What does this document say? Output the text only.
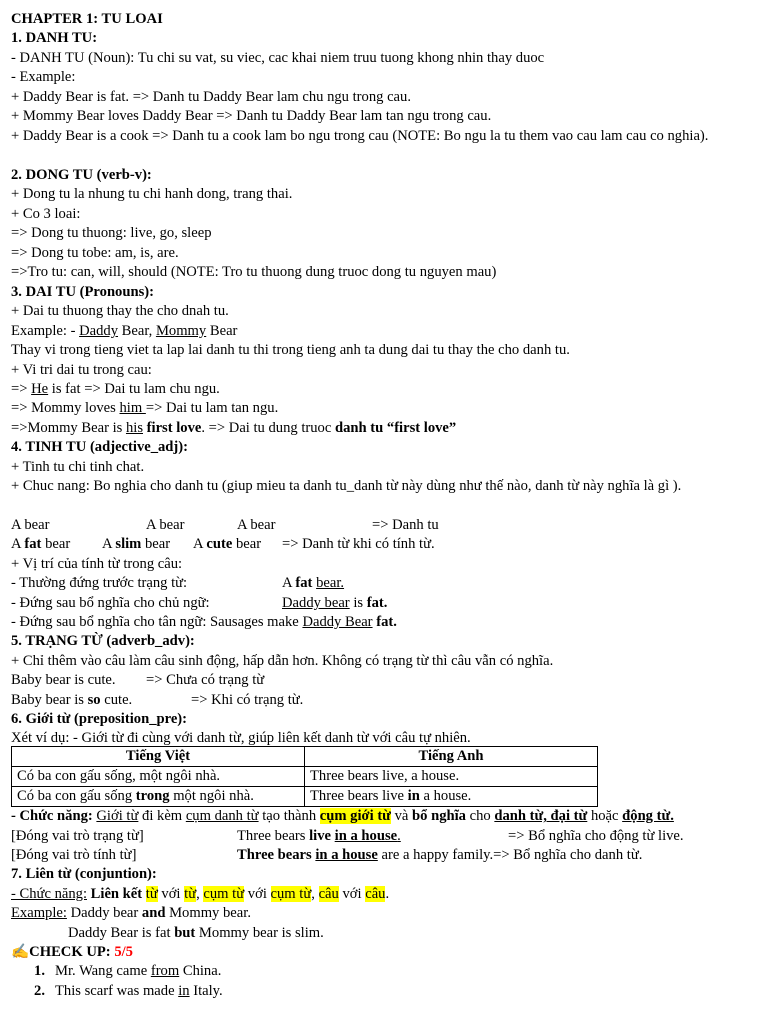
CHAPTER 1: TU LOAI
1. DANH TU:
- DANH TU (Noun): Tu chi su vat, su viec, cac khai niem truu tuong khong nhin thay duoc
- Example:
+ Daddy Bear is fat. => Danh tu Daddy Bear lam chu ngu trong cau.
+ Mommy Bear loves Daddy Bear => Danh tu Daddy Bear lam tan ngu trong cau.
+ Daddy Bear is a cook => Danh tu a cook lam bo ngu trong cau (NOTE: Bo ngu la tu them vao cau lam cau co nghia).
2. DONG TU (verb-v):
+ Dong tu la nhung tu chi hanh dong, trang thai.
+ Co 3 loai:
=> Dong tu thuong: live, go, sleep
=> Dong tu tobe: am, is, are.
=>Tro tu: can, will, should (NOTE: Tro tu thuong dung truoc dong tu nguyen mau)
3. DAI TU (Pronouns):
+ Dai tu thuong thay the cho dnah tu.
Example: - Daddy Bear, Mommy Bear
Thay vi trong tieng viet ta lap lai danh tu thi trong tieng anh ta dung dai tu thay the cho danh tu.
+ Vi tri dai tu trong cau:
=> He is fat => Dai tu lam chu ngu.
=> Mommy loves him => Dai tu lam tan ngu.
=>Mommy Bear is his first love. => Dai tu dung truoc danh tu “first love”
4. TINH TU (adjective_adj):
+ Tinh tu chi tinh chat.
+ Chuc nang: Bo nghia cho danh tu (giup mieu ta danh tu_danh từ này dùng như thế nào, danh từ này nghĩa là gì ).
A bear	A bear	A bear	=> Danh tu
A fat bear A slim bear A cute bear => Danh từ khi có tính từ.
+ Vị trí của tính từ trong câu:
- Thường đứng trước trạng từ:	A fat bear.
- Đứng sau bổ nghĩa cho chủ ngữ:	Daddy bear is fat.
- Đứng sau bổ nghĩa cho tân ngữ: Sausages make Daddy Bear fat.
5. TRẠNG TỪ (adverb_adv):
+ Chỉ thêm vào câu làm câu sinh động, hấp dẫn hơn. Không có trạng từ thì câu vẫn có nghĩa.
Baby bear is cute. => Chưa có trạng từ
Baby bear is so cute.	=> Khi có trạng từ.
6. Giới từ (preposition_pre):
Xét ví dụ: - Giới từ đi cùng với danh từ, giúp liên kết danh từ với câu tự nhiên.
Tiếng Việt	Tiếng Anh
Có ba con gấu sống, một ngôi nhà.	Three bears live, a house.
Có ba con gấu sống trong một ngôi nhà.	Three bears live in a house.
- Chức năng: Giới từ đi kèm cụm danh từ tạo thành cụm giới từ và bổ nghĩa cho danh từ, đại từ hoặc động từ.
[Đóng vai trò trạng từ]	Three bears live in a house.	=> Bổ nghĩa cho động từ live.
[Đóng vai trò tính từ]	Three bears in a house are a happy family.=> Bổ nghĩa cho danh từ.
7. Liên từ (conjuntion):
- Chức năng: Liên kết từ với từ, cụm từ với cụm từ, câu với câu.
Example: Daddy bear and Mommy bear.
Daddy Bear is fat but Mommy bear is slim.
✍CHECK UP: 5/5
1. Mr. Wang came from China.
2. This scarf was made in Italy.
